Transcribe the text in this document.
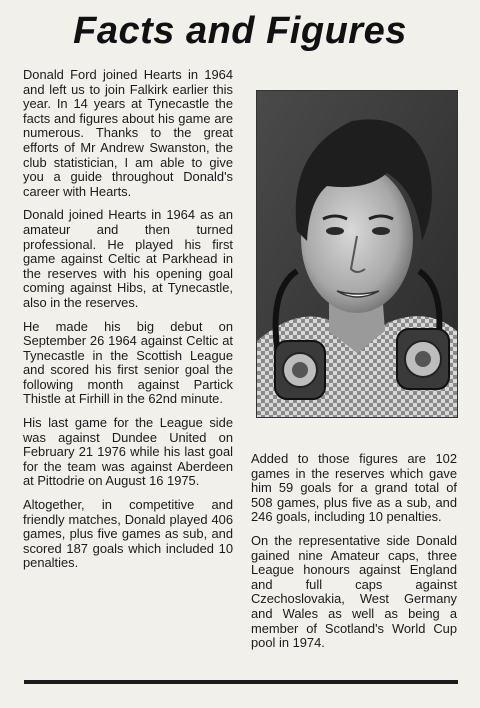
Facts and Figures

Donald Ford joined Hearts in 1964 and left us to join Falkirk earlier this year. In 14 years at Tynecastle the facts and figures about his game are numerous. Thanks to the great efforts of Mr Andrew Swanston, the club statistician, I am able to give you a guide throughout Donald's career with Hearts.

Donald joined Hearts in 1964 as an amateur and then turned professional. He played his first game against Celtic at Parkhead in the reserves with his opening goal coming against Hibs, at Tynecastle, also in the reserves.

He made his big debut on September 26 1964 against Celtic at Tynecastle in the Scottish League and scored his first senior goal the following month against Partick Thistle at Firhill in the 62nd minute.

His last game for the League side was against Dundee United on February 21 1976 while his last goal for the team was against Aberdeen at Pittodrie on August 16 1975.

Altogether, in competitive and friendly matches, Donald played 406 games, plus five games as sub, and scored 187 goals which included 10 penalties.

Added to those figures are 102 games in the reserves which gave him 59 goals for a grand total of 508 games, plus five as a sub, and 246 goals, including 10 penalties.

On the representative side Donald gained nine Amateur caps, three League honours against England and full caps against Czechoslovakia, West Germany and Wales as well as being a member of Scotland's World Cup pool in 1974.
